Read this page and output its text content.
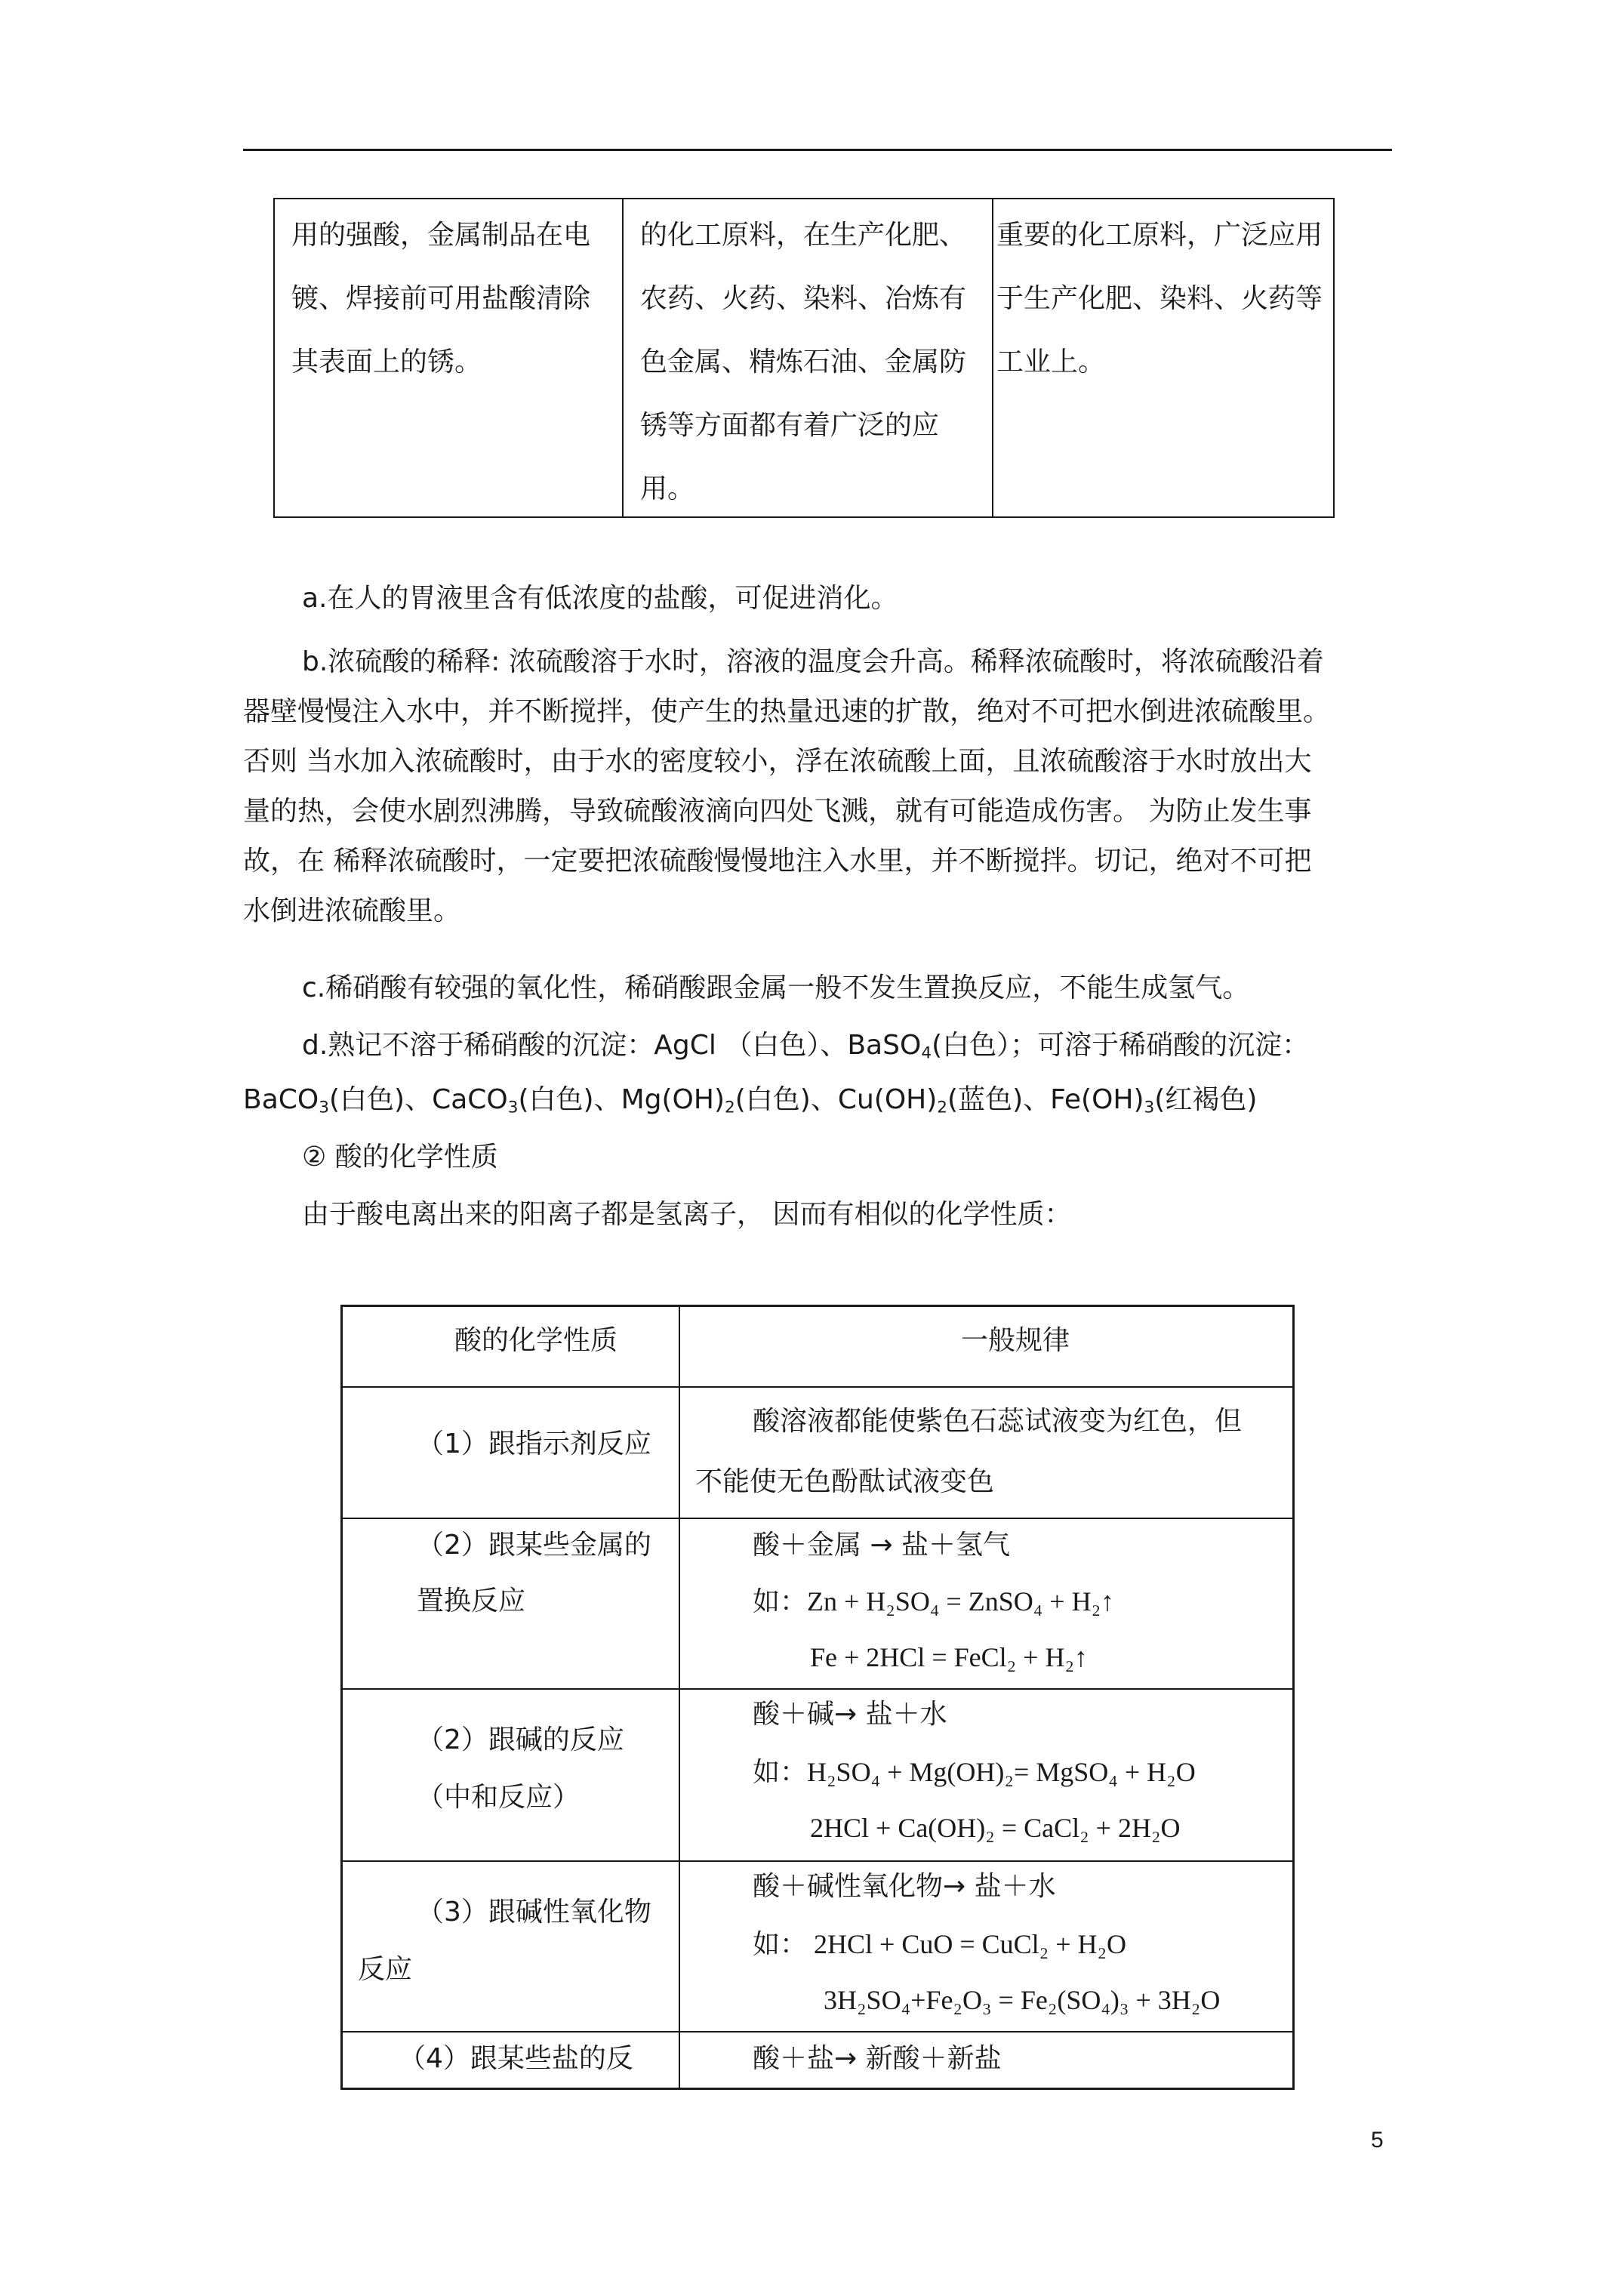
用的强酸，金属制品在电
镀、焊接前可用盐酸清除
其表面上的锈。
的化工原料，在生产化肥、
农药、火药、染料、冶炼有
色金属、精炼石油、金属防
锈等方面都有着广泛的应
用。
重要的化工原料，广泛应用
于生产化肥、染料、火药等
工业上。
a.在人的胃液里含有低浓度的盐酸，可促进消化。
b.浓硫酸的稀释: 浓硫酸溶于水时，溶液的温度会升高。稀释浓硫酸时，将浓硫酸沿着
器壁慢慢注入水中，并不断搅拌，使产生的热量迅速的扩散，绝对不可把水倒进浓硫酸里。
否则 当水加入浓硫酸时，由于水的密度较小，浮在浓硫酸上面，且浓硫酸溶于水时放出大
量的热，会使水剧烈沸腾，导致硫酸液滴向四处飞溅，就有可能造成伤害。 为防止发生事
故，在 稀释浓硫酸时，一定要把浓硫酸慢慢地注入水里，并不断搅拌。切记，绝对不可把
水倒进浓硫酸里。
c.稀硝酸有较强的氧化性，稀硝酸跟金属一般不发生置换反应，不能生成氢气。
d.熟记不溶于稀硝酸的沉淀：AgCl （白色）、BaSO$_4$(白色）；可溶于稀硝酸的沉淀：
BaCO$_3$(白色)、CaCO$_3$(白色)、$Mg(OH)_2$(白色)、$Cu(OH)_2$(蓝色)、$Fe(OH)_3$(红褐色)
② 酸的化学性质
由于酸电离出来的阳离子都是氢离子， 因而有相似的化学性质：
酸的化学性质	一般规律
（1）跟指示剂反应
酸溶液都能使紫色石蕊试液变为红色，但
不能使无色酚酞试液变色
（2）跟某些金属的
置换反应
酸＋金属 → 盐＋氢气
如：Zn + H₂SO₄ = ZnSO₄ + H₂↑
Fe + 2HCl = FeCl₂ + H₂↑
（2）跟碱的反应
（中和反应）
酸＋碱→ 盐＋水
如：H₂SO₄ + Mg(OH)₂= MgSO₄ + H₂O
2HCl + Ca(OH)₂ = CaCl₂ + 2H₂O
（3）跟碱性氧化物
反应
酸＋碱性氧化物→ 盐＋水
如： 2HCl + CuO = CuCl₂ + H₂O
3H₂SO₄+Fe₂O₃ = Fe₂(SO₄)₃ + 3H₂O
（4）跟某些盐的反	酸＋盐→ 新酸＋新盐
5
